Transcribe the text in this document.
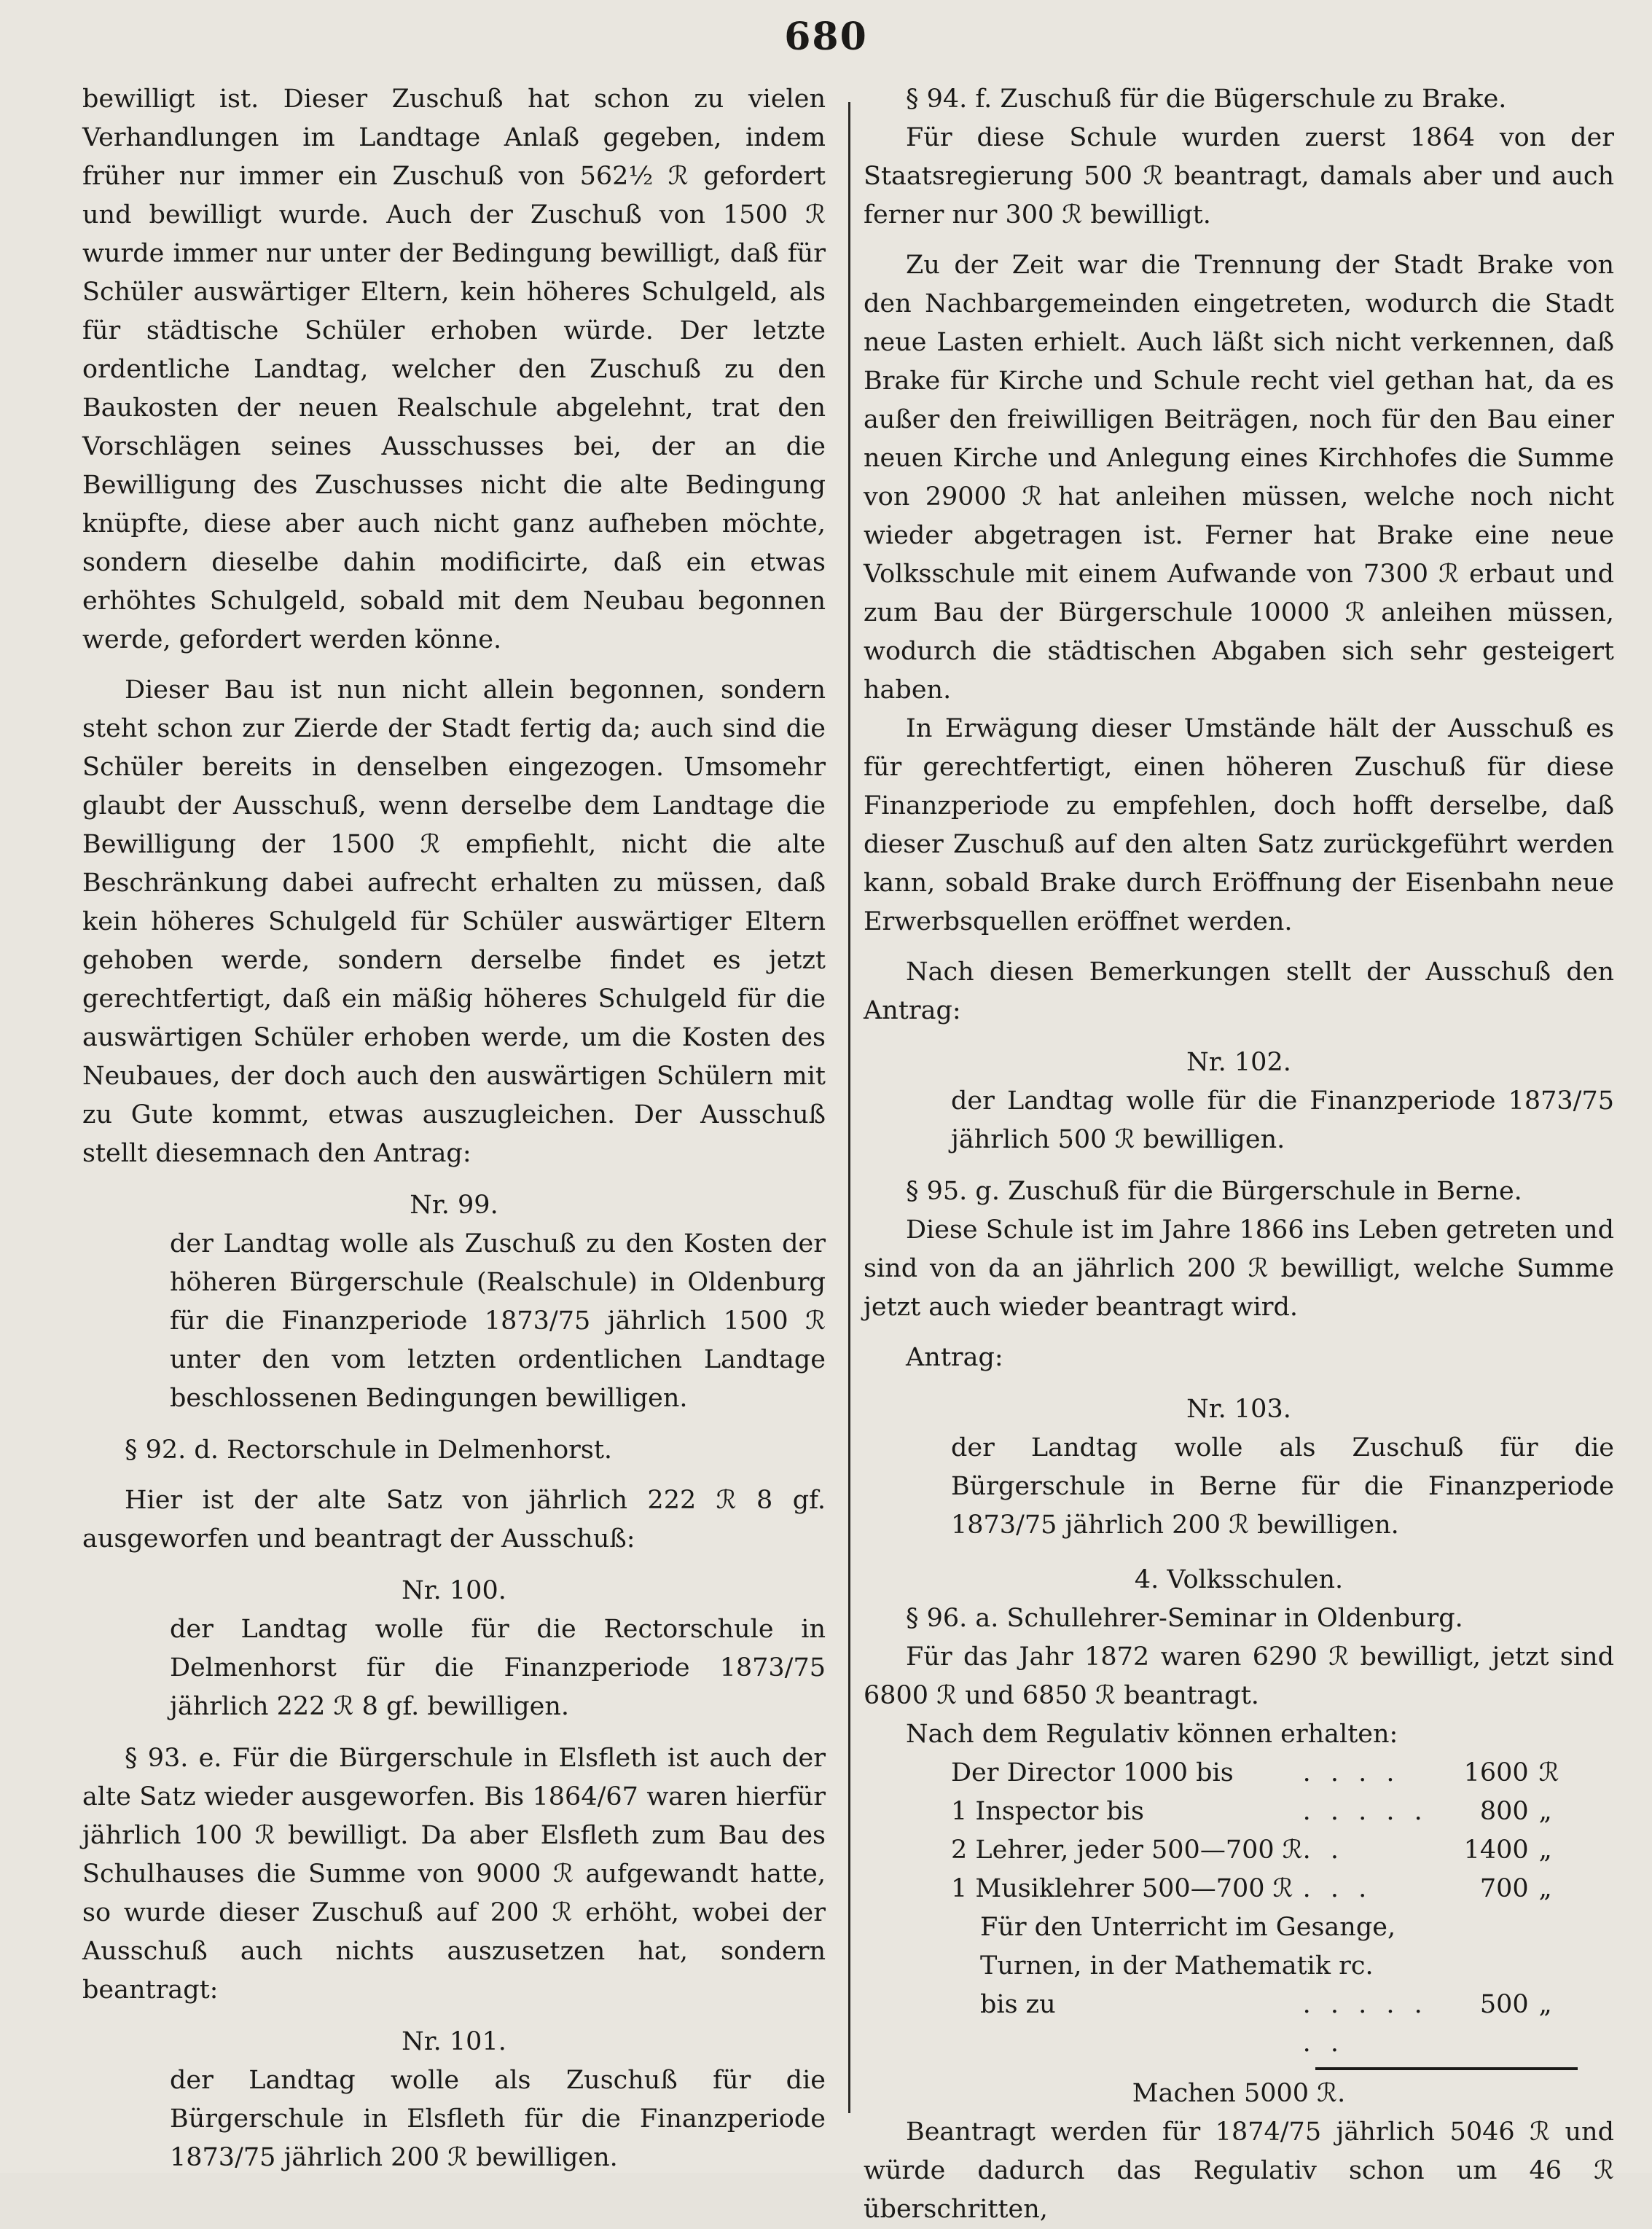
680

bewilligt ist. Dieser Zuschuß hat schon zu vielen Verhandlungen im Landtage Anlaß gegeben, indem früher nur immer ein Zuschuß von 562½ ℛ︎ gefordert und bewilligt wurde. Auch der Zuschuß von 1500 ℛ︎ wurde immer nur unter der Bedingung bewilligt, daß für Schüler auswärtiger Eltern, kein höheres Schulgeld, als für städtische Schüler erhoben würde. Der letzte ordentliche Landtag, welcher den Zuschuß zu den Baukosten der neuen Realschule abgelehnt, trat den Vorschlägen seines Ausschusses bei, der an die Bewilligung des Zuschusses nicht die alte Bedingung knüpfte, diese aber auch nicht ganz aufheben möchte, sondern dieselbe dahin modificirte, daß ein etwas erhöhtes Schulgeld, sobald mit dem Neubau begonnen werde, gefordert werden könne.

Dieser Bau ist nun nicht allein begonnen, sondern steht schon zur Zierde der Stadt fertig da; auch sind die Schüler bereits in denselben eingezogen. Umsomehr glaubt der Ausschuß, wenn derselbe dem Landtage die Bewilligung der 1500 ℛ︎ empfiehlt, nicht die alte Beschränkung dabei aufrecht erhalten zu müssen, daß kein höheres Schulgeld für Schüler auswärtiger Eltern gehoben werde, sondern derselbe findet es jetzt gerechtfertigt, daß ein mäßig höheres Schulgeld für die auswärtigen Schüler erhoben werde, um die Kosten des Neubaues, der doch auch den auswärtigen Schülern mit zu Gute kommt, etwas auszugleichen. Der Ausschuß stellt diesemnach den Antrag:

Nr. 99.

der Landtag wolle als Zuschuß zu den Kosten der höheren Bürgerschule (Realschule) in Oldenburg für die Finanzperiode 1873/75 jährlich 1500 ℛ︎ unter den vom letzten ordentlichen Landtage beschlossenen Bedingungen bewilligen.

§ 92. d. Rectorschule in Delmenhorst.

Hier ist der alte Satz von jährlich 222 ℛ︎ 8 gf. ausgeworfen und beantragt der Ausschuß:

Nr. 100.

der Landtag wolle für die Rectorschule in Delmenhorst für die Finanzperiode 1873/75 jährlich 222 ℛ︎ 8 gf. bewilligen.

§ 93. e. Für die Bürgerschule in Elsfleth ist auch der alte Satz wieder ausgeworfen. Bis 1864/67 waren hierfür jährlich 100 ℛ︎ bewilligt. Da aber Elsfleth zum Bau des Schulhauses die Summe von 9000 ℛ︎ aufgewandt hatte, so wurde dieser Zuschuß auf 200 ℛ︎ erhöht, wobei der Ausschuß auch nichts auszusetzen hat, sondern beantragt:

Nr. 101.

der Landtag wolle als Zuschuß für die Bürgerschule in Elsfleth für die Finanzperiode 1873/75 jährlich 200 ℛ︎ bewilligen.

§ 94. f. Zuschuß für die Bügerschule zu Brake.

Für diese Schule wurden zuerst 1864 von der Staatsregierung 500 ℛ︎ beantragt, damals aber und auch ferner nur 300 ℛ︎ bewilligt.

Zu der Zeit war die Trennung der Stadt Brake von den Nachbargemeinden eingetreten, wodurch die Stadt neue Lasten erhielt. Auch läßt sich nicht verkennen, daß Brake für Kirche und Schule recht viel gethan hat, da es außer den freiwilligen Beiträgen, noch für den Bau einer neuen Kirche und Anlegung eines Kirchhofes die Summe von 29000 ℛ︎ hat anleihen müssen, welche noch nicht wieder abgetragen ist. Ferner hat Brake eine neue Volksschule mit einem Aufwande von 7300 ℛ︎ erbaut und zum Bau der Bürgerschule 10000 ℛ︎ anleihen müssen, wodurch die städtischen Abgaben sich sehr gesteigert haben.

In Erwägung dieser Umstände hält der Ausschuß es für gerechtfertigt, einen höheren Zuschuß für diese Finanzperiode zu empfehlen, doch hofft derselbe, daß dieser Zuschuß auf den alten Satz zurückgeführt werden kann, sobald Brake durch Eröffnung der Eisenbahn neue Erwerbsquellen eröffnet werden.

Nach diesen Bemerkungen stellt der Ausschuß den Antrag:

Nr. 102.

der Landtag wolle für die Finanzperiode 1873/75 jährlich 500 ℛ︎ bewilligen.

§ 95. g. Zuschuß für die Bürgerschule in Berne.

Diese Schule ist im Jahre 1866 ins Leben getreten und sind von da an jährlich 200 ℛ︎ bewilligt, welche Summe jetzt auch wieder beantragt wird.

Antrag:

Nr. 103.

der Landtag wolle als Zuschuß für die Bürgerschule in Berne für die Finanzperiode 1873/75 jährlich 200 ℛ︎ bewilligen.

4. Volksschulen.

§ 96. a. Schullehrer-Seminar in Oldenburg.

Für das Jahr 1872 waren 6290 ℛ︎ bewilligt, jetzt sind 6800 ℛ︎ und 6850 ℛ︎ beantragt.

Nach dem Regulativ können erhalten:

Der Director 1000 bis	. . . .	1600	ℛ︎
1 Inspector bis	. . . . .	800	„
2 Lehrer, jeder 500—700 ℛ︎	. .	1400	„
1 Musiklehrer 500—700 ℛ︎	. . .	700	„
Für den Unterricht im Gesange,			
Turnen, in der Mathematik rc.			
bis zu	. . . . . . .	500	„

Machen 5000 ℛ︎.

Beantragt werden für 1874/75 jährlich 5046 ℛ︎ und würde dadurch das Regulativ schon um 46 ℛ︎ überschritten,
